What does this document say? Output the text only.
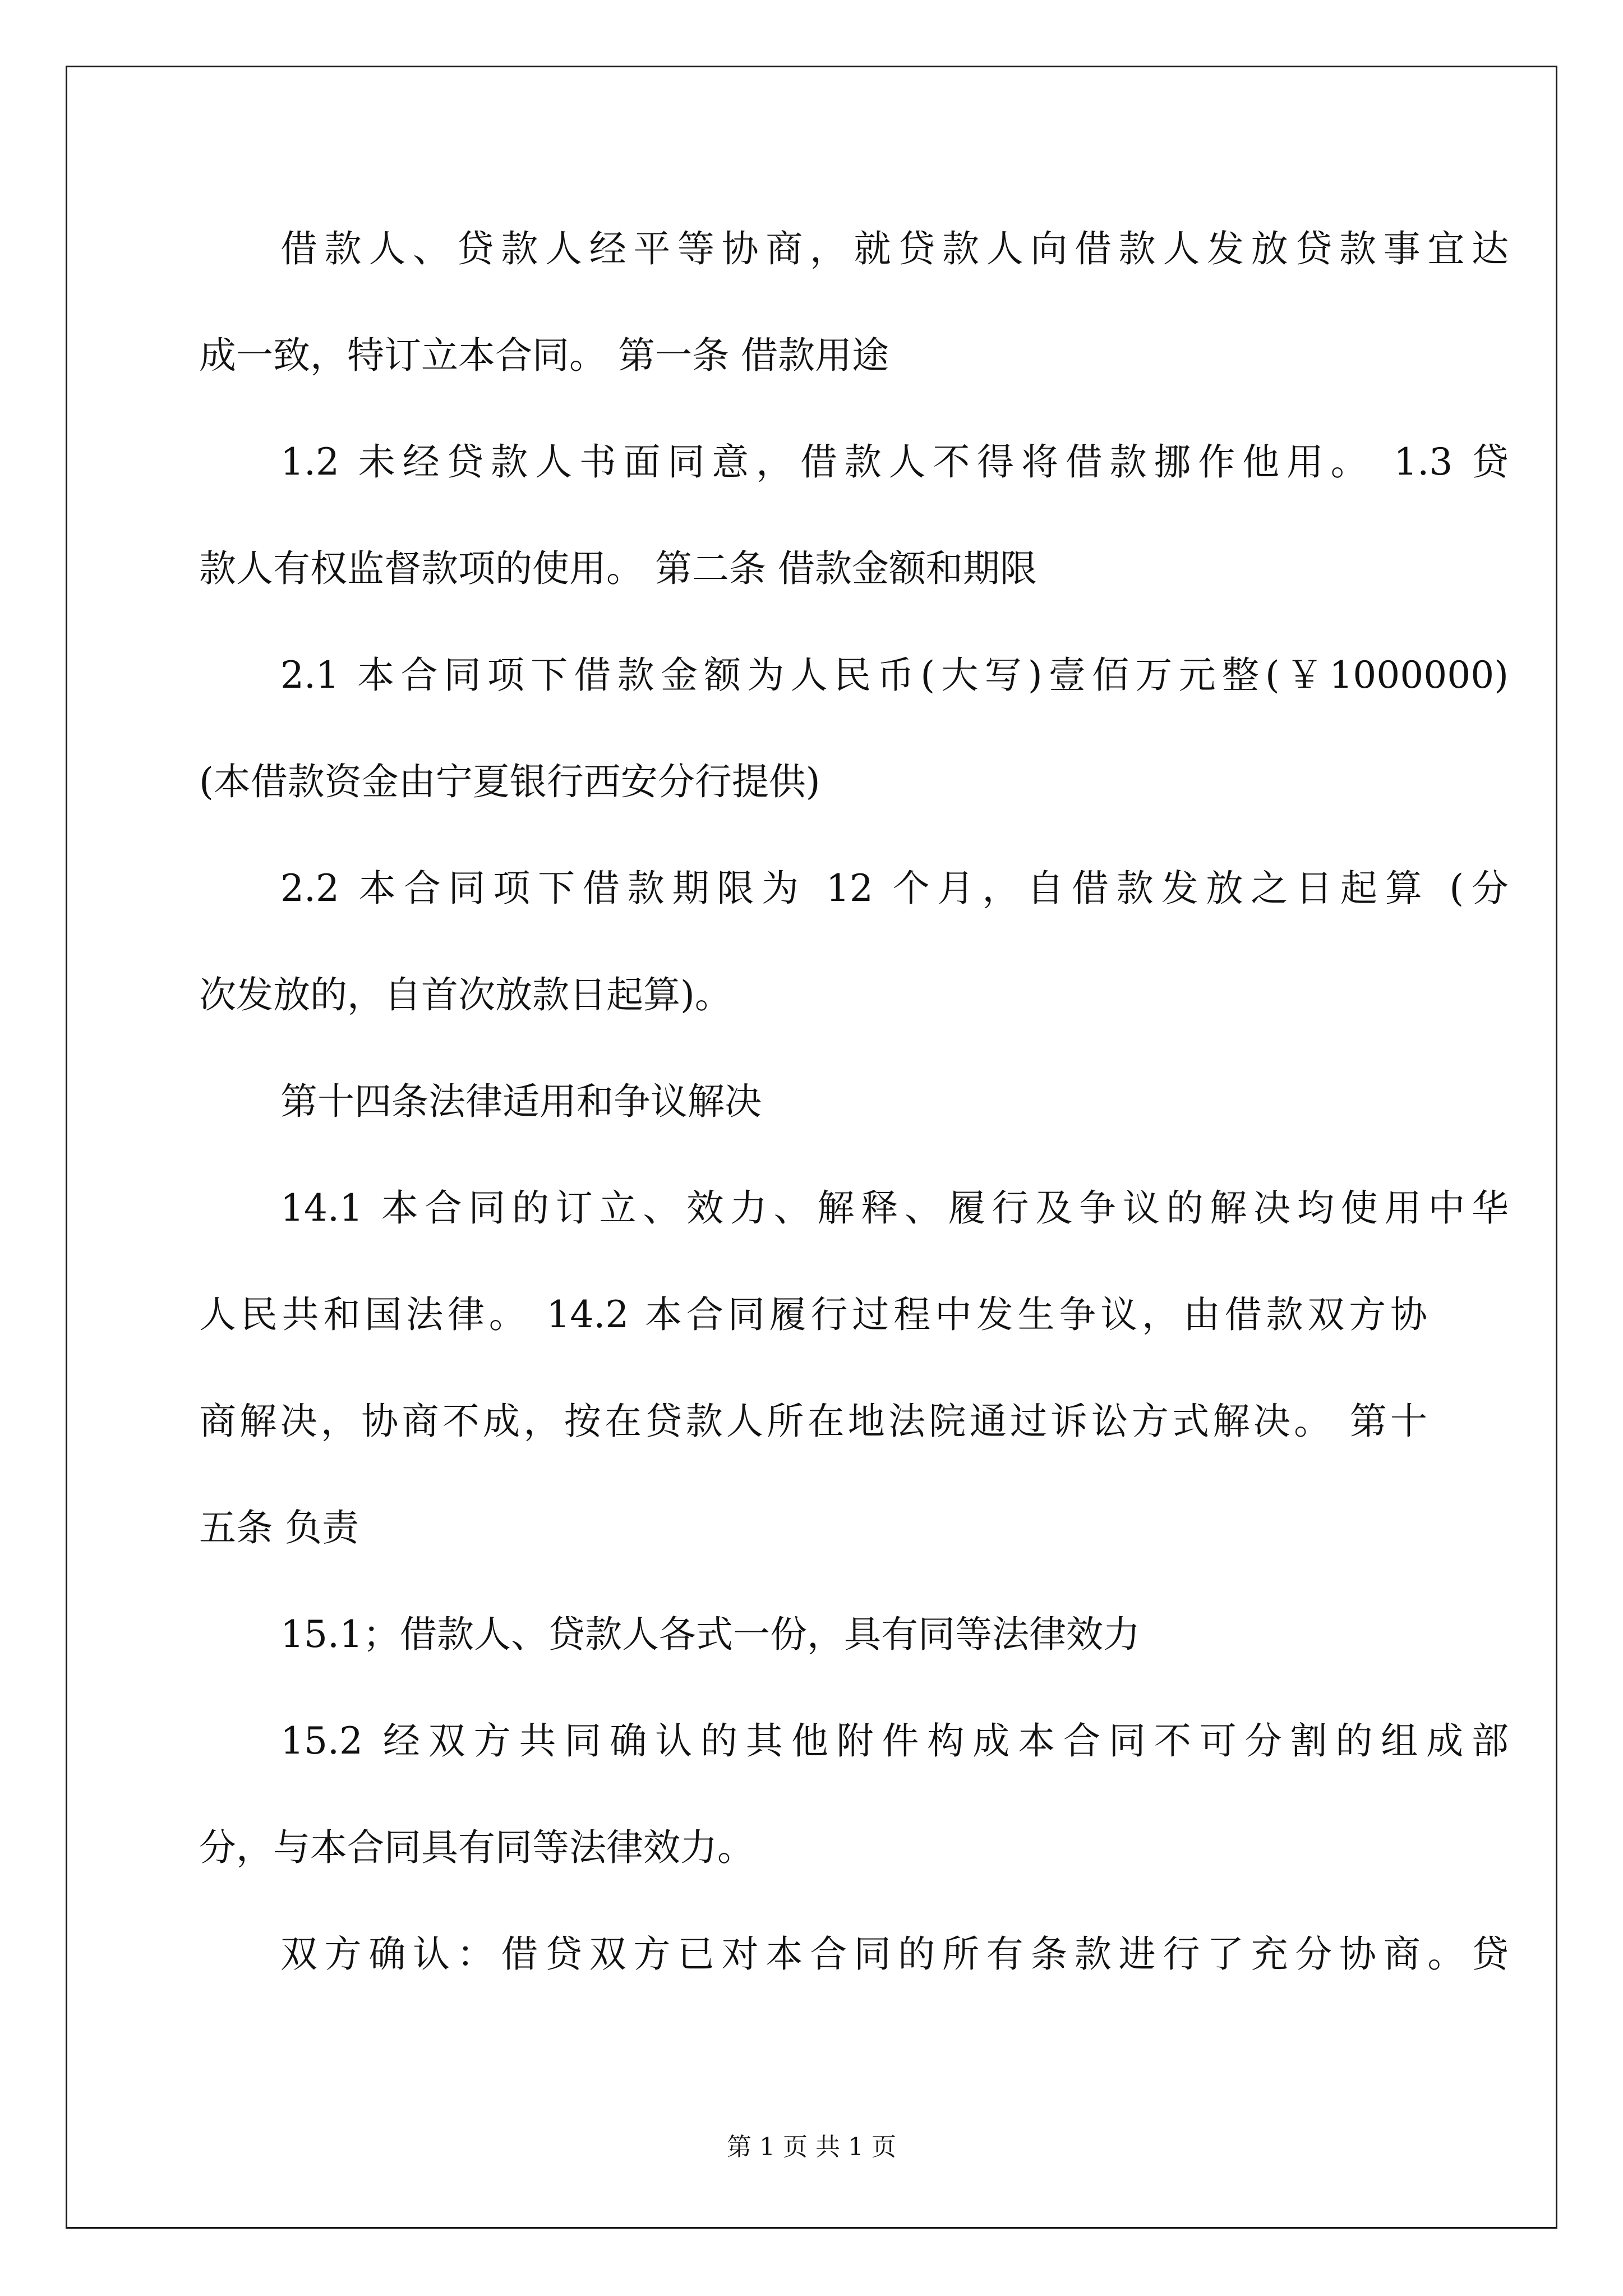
借款人、贷款人经平等协商，就贷款人向借款人发放贷款事宜达
成一致，特订立本合同。 第一条 借款用途
1.2 未经贷款人书面同意，借款人不得将借款挪作他用。 1.3 贷
款人有权监督款项的使用。 第二条 借款金额和期限
2.1 本合同项下借款金额为人民币(大写)壹佰万元整(￥1000000)
(本借款资金由宁夏银行西安分行提供)
2.2 本合同项下借款期限为 12 个月，自借款发放之日起算 (分
次发放的，自首次放款日起算)。
第十四条法律适用和争议解决
14.1 本合同的订立、效力、解释、履行及争议的解决均使用中华
人民共和国法律。 14.2 本合同履行过程中发生争议，由借款双方协
商解决，协商不成，按在贷款人所在地法院通过诉讼方式解决。 第十
五条 负责
15.1；借款人、贷款人各式一份，具有同等法律效力
15.2 经双方共同确认的其他附件构成本合同不可分割的组成部
分，与本合同具有同等法律效力。
双方确认：借贷双方已对本合同的所有条款进行了充分协商。贷
第 1 页 共 1 页
